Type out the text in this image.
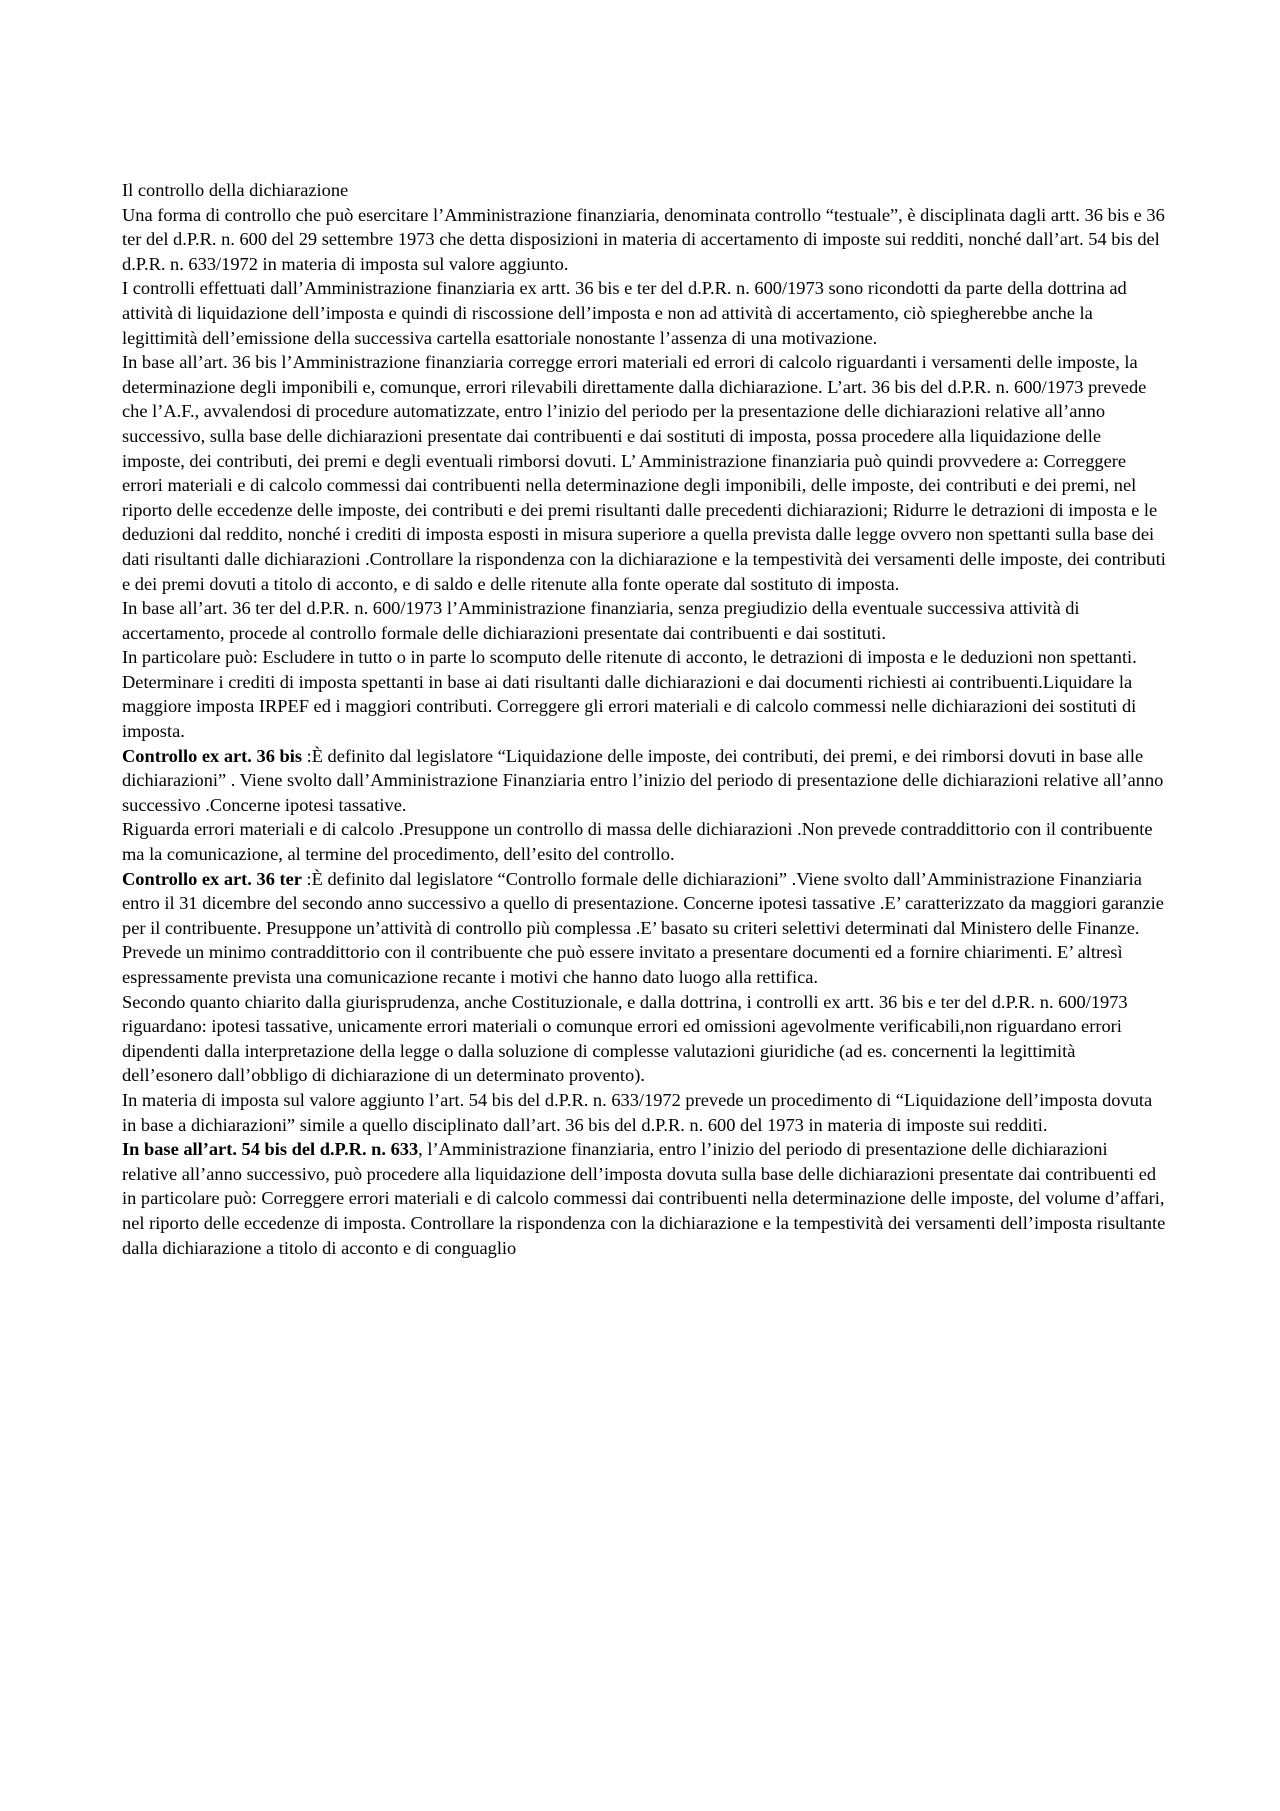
Il controllo della dichiarazione

Una forma di controllo che può esercitare l’Amministrazione finanziaria, denominata controllo “testuale”, è disciplinata dagli artt. 36 bis e 36 ter del d.P.R. n. 600 del 29 settembre 1973 che detta disposizioni in materia di accertamento di imposte sui redditi, nonché dall’art. 54 bis del d.P.R. n. 633/1972 in materia di imposta sul valore aggiunto.

I controlli effettuati dall’Amministrazione finanziaria ex artt. 36 bis e ter del d.P.R. n. 600/1973 sono ricondotti da parte della dottrina ad attività di liquidazione dell’imposta e quindi di riscossione dell’imposta e non ad attività di accertamento, ciò spiegherebbe anche la legittimità dell’emissione della successiva cartella esattoriale nonostante l’assenza di una motivazione.

In base all’art. 36 bis l’Amministrazione finanziaria corregge errori materiali ed errori di calcolo riguardanti i versamenti delle imposte, la determinazione degli imponibili e, comunque, errori rilevabili direttamente dalla dichiarazione. L’art. 36 bis del d.P.R. n. 600/1973 prevede che l’A.F., avvalendosi di procedure automatizzate, entro l’inizio del periodo per la presentazione delle dichiarazioni relative all’anno successivo, sulla base delle dichiarazioni presentate dai contribuenti e dai sostituti di imposta, possa procedere alla liquidazione delle imposte, dei contributi, dei premi e degli eventuali rimborsi dovuti. L’ Amministrazione finanziaria può quindi provvedere a: Correggere errori materiali e di calcolo commessi dai contribuenti nella determinazione degli imponibili, delle imposte, dei contributi e dei premi, nel riporto delle eccedenze delle imposte, dei contributi e dei premi risultanti dalle precedenti dichiarazioni; Ridurre le detrazioni di imposta e le deduzioni dal reddito, nonché i crediti di imposta esposti in misura superiore a quella prevista dalle legge ovvero non spettanti sulla base dei dati risultanti dalle dichiarazioni .Controllare la rispondenza con la dichiarazione e la tempestività dei versamenti delle imposte, dei contributi e dei premi dovuti a titolo di acconto, e di saldo e delle ritenute alla fonte operate dal sostituto di imposta.

In base all’art. 36 ter del d.P.R. n. 600/1973 l’Amministrazione finanziaria, senza pregiudizio della eventuale successiva attività di accertamento, procede al controllo formale delle dichiarazioni presentate dai contribuenti e dai sostituti.

In particolare può: Escludere in tutto o in parte lo scomputo delle ritenute di acconto, le detrazioni di imposta e le deduzioni non spettanti. Determinare i crediti di imposta spettanti in base ai dati risultanti dalle dichiarazioni e dai documenti richiesti ai contribuenti.Liquidare la maggiore imposta IRPEF ed i maggiori contributi. Correggere gli errori materiali e di calcolo commessi nelle dichiarazioni dei sostituti di imposta.

Controllo ex art. 36 bis :È definito dal legislatore “Liquidazione delle imposte, dei contributi, dei premi, e dei rimborsi dovuti in base alle dichiarazioni” . Viene svolto dall’Amministrazione Finanziaria entro l’inizio del periodo di presentazione delle dichiarazioni relative all’anno successivo .Concerne ipotesi tassative.

Riguarda errori materiali e di calcolo .Presuppone un controllo di massa delle dichiarazioni .Non prevede contraddittorio con il contribuente ma la comunicazione, al termine del procedimento, dell’esito del controllo.

Controllo ex art. 36 ter :È definito dal legislatore “Controllo formale delle dichiarazioni” .Viene svolto dall’Amministrazione Finanziaria entro il 31 dicembre del secondo anno successivo a quello di presentazione. Concerne ipotesi tassative .E’ caratterizzato da maggiori garanzie per il contribuente. Presuppone un’attività di controllo più complessa .E’ basato su criteri selettivi determinati dal Ministero delle Finanze. Prevede un minimo contraddittorio con il contribuente che può essere invitato a presentare documenti ed a fornire chiarimenti. E’ altresì espressamente prevista una comunicazione recante i motivi che hanno dato luogo alla rettifica.

Secondo quanto chiarito dalla giurisprudenza, anche Costituzionale, e dalla dottrina, i controlli ex artt. 36 bis e ter del d.P.R. n. 600/1973 riguardano: ipotesi tassative, unicamente errori materiali o comunque errori ed omissioni agevolmente verificabili,non riguardano errori dipendenti dalla interpretazione della legge o dalla soluzione di complesse valutazioni giuridiche (ad es. concernenti la legittimità dell’esonero dall’obbligo di dichiarazione di un determinato provento).

In materia di imposta sul valore aggiunto l’art. 54 bis del d.P.R. n. 633/1972 prevede un procedimento di “Liquidazione dell’imposta dovuta in base a dichiarazioni” simile a quello disciplinato dall’art. 36 bis del d.P.R. n. 600 del 1973 in materia di imposte sui redditi.

In base all’art. 54 bis del d.P.R. n. 633, l’Amministrazione finanziaria, entro l’inizio del periodo di presentazione delle dichiarazioni relative all’anno successivo, può procedere alla liquidazione dell’imposta dovuta sulla base delle dichiarazioni presentate dai contribuenti ed in particolare può: Correggere errori materiali e di calcolo commessi dai contribuenti nella determinazione delle imposte, del volume d’affari, nel riporto delle eccedenze di imposta. Controllare la rispondenza con la dichiarazione e la tempestività dei versamenti dell’imposta risultante dalla dichiarazione a titolo di acconto e di conguaglio
